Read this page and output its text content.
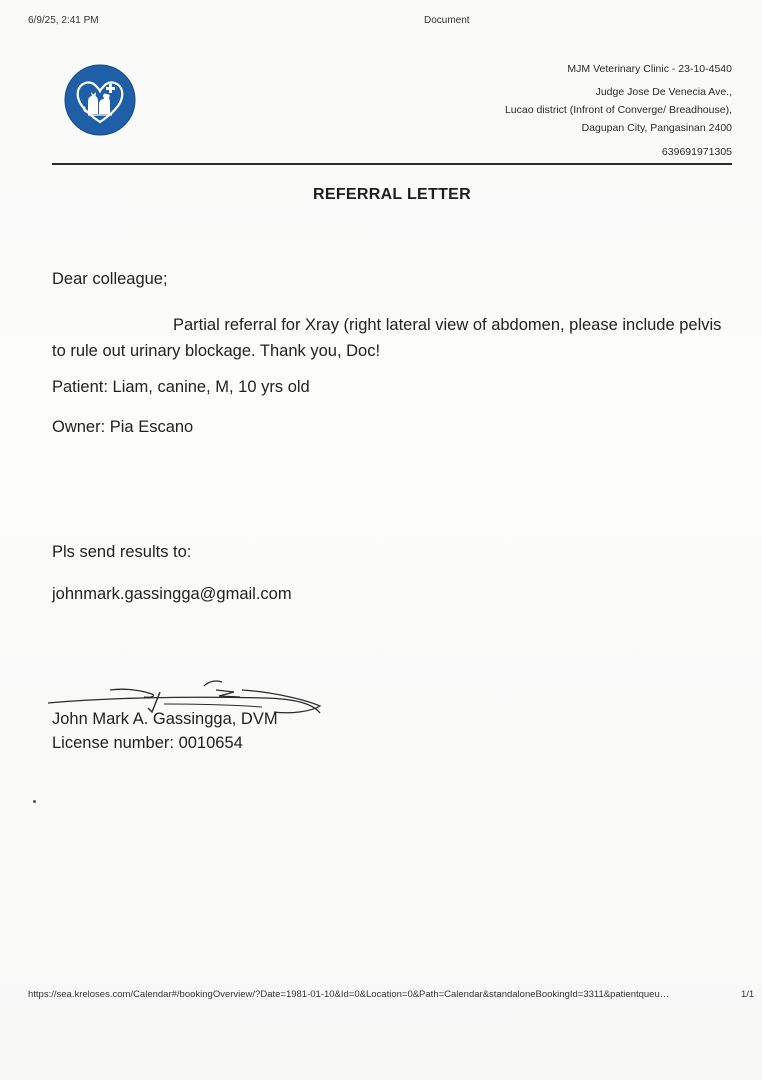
6/9/25, 2:41 PM	Document
MJM Veterinary Clinic - 23-10-4540
Judge Jose De Venecia Ave.,
Lucao district (Infront of Converge/ Breadhouse),
Dagupan City, Pangasinan 2400
639691971305
REFERRAL LETTER
Dear colleague;
Partial referral for Xray (right lateral view of abdomen, please include pelvis to rule out urinary blockage. Thank you, Doc!
Patient: Liam, canine, M, 10 yrs old
Owner: Pia Escano
Pls send results to:
johnmark.gassingga@gmail.com
John Mark A. Gassingga, DVM
License number: 0010654
https://sea.kreloses.com/Calendar#/bookingOverview/?Date=1981-01-10&Id=0&Location=0&Path=Calendar&standaloneBookingId=3311&patientqueu…	1/1
